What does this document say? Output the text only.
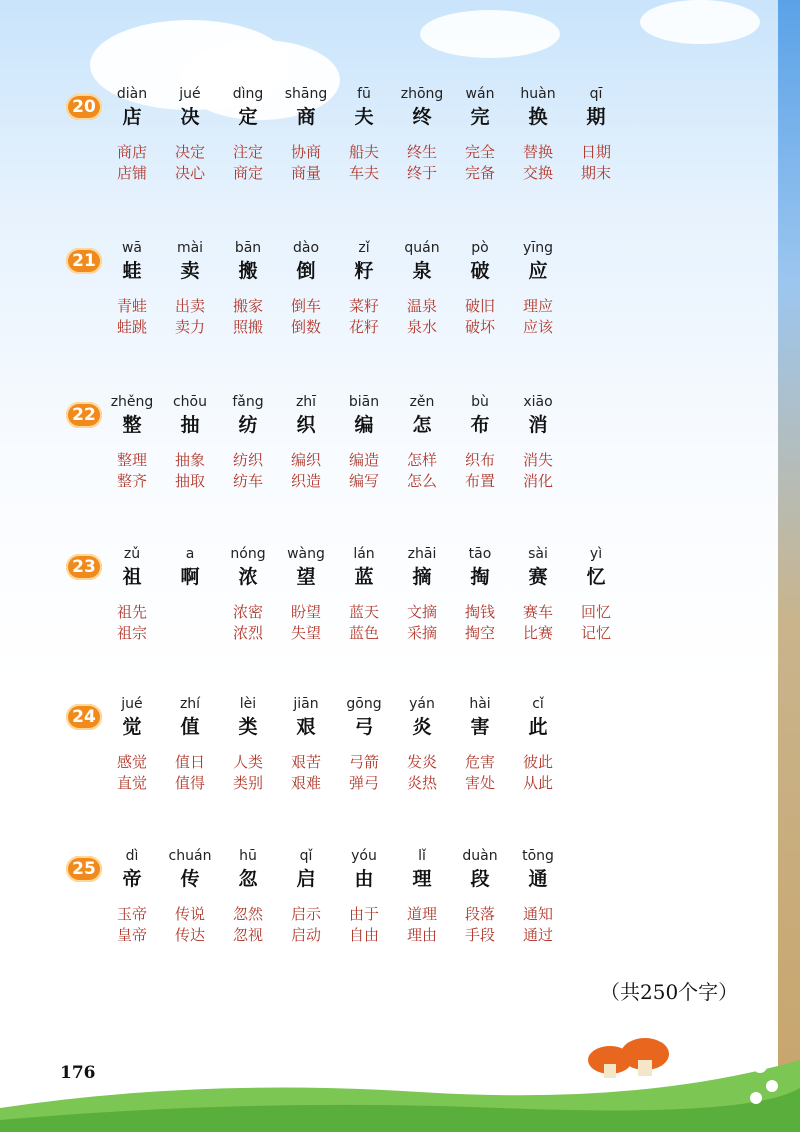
20
diàn
店
jué
决
dìng
定
shāng
商
fū
夫
zhōng
终
wán
完
huàn
换
qī
期
商店
店铺
决定
决心
注定
商定
协商
商量
船夫
车夫
终生
终于
完全
完备
替换
交换
日期
期末
21
wā
蛙
mài
卖
bān
搬
dào
倒
zǐ
籽
quán
泉
pò
破
yīng
应
青蛙
蛙跳
出卖
卖力
搬家
照搬
倒车
倒数
菜籽
花籽
温泉
泉水
破旧
破坏
理应
应该
22
zhěng
整
chōu
抽
fǎng
纺
zhī
织
biān
编
zěn
怎
bù
布
xiāo
消
整理
整齐
抽象
抽取
纺织
纺车
编织
织造
编造
编写
怎样
怎么
织布
布置
消失
消化
23
zǔ
祖
a
啊
nóng
浓
wàng
望
lán
蓝
zhāi
摘
tāo
掏
sài
赛
yì
忆
祖先
祖宗
浓密
浓烈
盼望
失望
蓝天
蓝色
文摘
采摘
掏钱
掏空
赛车
比赛
回忆
记忆
24
jué
觉
zhí
值
lèi
类
jiān
艰
gōng
弓
yán
炎
hài
害
cǐ
此
感觉
直觉
值日
值得
人类
类别
艰苦
艰难
弓箭
弹弓
发炎
炎热
危害
害处
彼此
从此
25
dì
帝
chuán
传
hū
忽
qǐ
启
yóu
由
lǐ
理
duàn
段
tōng
通
玉帝
皇帝
传说
传达
忽然
忽视
启示
启动
由于
自由
道理
理由
段落
手段
通知
通过
（共250个字）
176
